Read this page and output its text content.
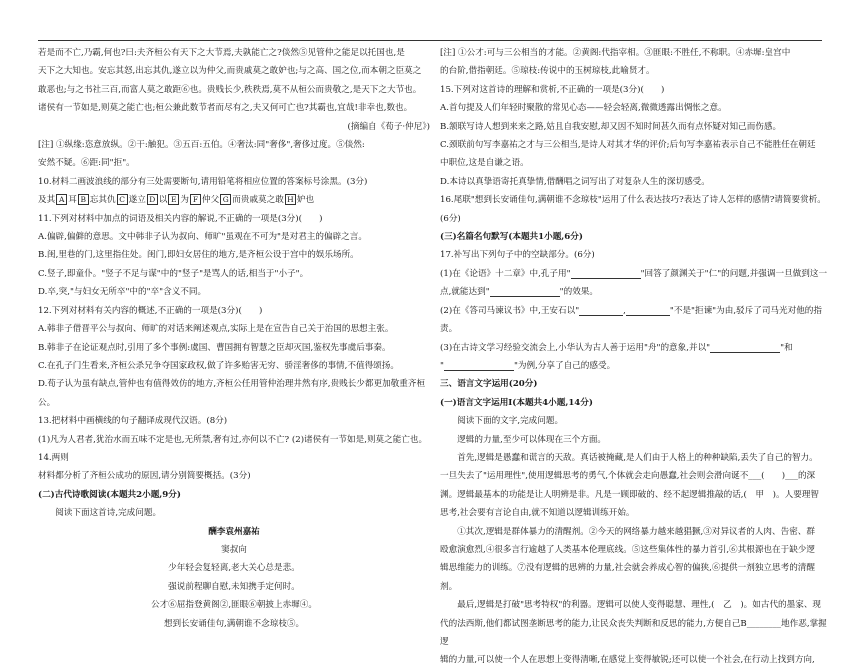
若是而不亡,乃霸,何也?曰:夫齐桓公有天下之大节焉,夫孰能亡之?倓然⑤见管仲之能足以托国也,是

天下之大知也。安忘其怒,出忘其仇,遂立以为仲父,而贵戚莫之敢妒也;与之高、国之位,而本朝之臣莫之

敢恶也;与之书社三百,而富人莫之敢距⑥也。贵贱长少,秩秩焉,莫不从桓公而贵敬之,是天下之大节也。

诸侯有一节如是,则莫之能亡也;桓公兼此数节者而尽有之,夫又何可亡也?其霸也,宜哉!非幸也,数也。

(摘编自《荀子·仲尼》)

[注] ①纵缘:恣意放纵。②干:触犯。③五百:五伯。④奢汰:同"奢侈",奢侈过度。⑤倓然:

安然不疑。⑥距:同"拒"。

10.材料二画波浪线的部分有三处需要断句,请用铅笔将相应位置的答案标号涂黑。(3分)

及其 A 耳 B 忘其仇 C 遂立 D 以 E 为 F 仲父 G 而贵戚莫之敢 H 妒也

11.下列对材料中加点的词语及相关内容的解说,不正确的一项是(3分)(　　)

A.偏辟,偏僻的意思。文中韩非子认为叔向、师旷"虽观在不可为"是对君主的偏辟之言。

B.闺,里巷的门,这里指住处。闺门,即妇女居住的地方,是齐桓公设于宫中的娱乐场所。

C.竖子,即童仆。"竖子不足与谋"中的"竖子"是骂人的话,相当于"小子"。

D.卒,突,"与妇女无所卒"中的"卒"含义不同。

12.下列对材料有关内容的概述,不正确的一项是(3分)(　　)

A.韩非子借晋平公与叔向、师旷的对话来阐述观点,实际上是在宣告自己关于治国的思想主张。

B.韩非子在论证观点时,引用了多个事例:虞国、曹国拥有智慧之臣却灭国,鉴权先事虞后事秦。

C.在孔子门生看来,齐桓公杀兄争夺国家政权,做了许多贻害无穷、骄淫奢侈的事情,不值得颂扬。

D.荀子认为虽有缺点,管仲也有值得效仿的地方,齐桓公任用管仲治理井然有序,贵贱长少都更加敬重齐桓公。

13.把材料中画横线的句子翻译成现代汉语。(8分)

(1)凡为人君者,犹治水而五味不定是也,无所禁,奢有过,亦何以不亡? (2)诸侯有一节如是,则莫之能亡也。14.两则

材料都分析了齐桓公成功的原因,请分别简要概括。(3分)

(二)古代诗歌阅读(本题共2小题,9分)

阅读下面这首诗,完成问题。

酬李袁州嘉祐

窦叔向

少年轻会复轻离,老大关心总是悲。

强说前程聊自慰,未知携手定何时。

公才⑥屈指登黄阁②,匪眼⑥朝披上赤墀④。

想到长安诵佳句,满朝谁不念琼枝⑤。

[注] ①公才:可与三公相当的才能。②黄阁:代指宰相。③匪眼:不胜任,不称职。④赤墀:皇宫中

的台阶,借指朝廷。⑤琼枝:传说中的玉树琼枝,此喻贤才。

15.下列对这首诗的理解和赏析,不正确的一项是(3分)(　　)

A.首句提及人们年轻时聚散的常见心态——轻会轻离,微微透露出惆怅之意。

B.颔联写诗人想到来来之路,姑且自我安慰,却又因不知时间甚久而有点怀疑对知己而伤感。

C.颈联前句写李嘉祐之才与三公相当,是诗人对其才华的评价;后句写李嘉祐表示自己不能胜任在朝廷

中职位,这是自谦之语。

D.本诗以真挚语寄托真挚情,借酬唱之词写出了对复杂人生的深切感受。

16.尾联"想到长安诵佳句,满朝谁不念琼枝"运用了什么表达技巧?表达了诗人怎样的感情?请简要赏析。

(6分)

(三)名篇名句默写(本题共1小题,6分)

17.补写出下列句子中的空缺部分。(6分)

(1)在《论语》十二章》中,孔子用"	"回答了颜渊关于"仁"的问题,并强调一旦做到这一

点,就能达到"	"的效果。

(2)在《答司马谏议书》中,王安石以"	,	"不是"拒谏"为由,驳斥了司马光对他的指责。

(3)在古诗文学习经验交流会上,小华认为古人善于运用"舟"的意象,并以"	"和

"	"为例,分享了自己的感受。

三、语言文字运用(20分)

(一)语言文字运用Ⅰ(本题共4小题,14分)

阅读下面的文字,完成问题。

逻辑的力量,至少可以体现在三个方面。

首先,逻辑是愚蠢和谎言的天敌。真话被掩藏,是人们由于人格上的种种缺陷,丢失了自己的智力。

一旦失去了"运用理性",使用逻辑思考的勇气,个体就会走向愚蠢,社会则会滑向诞不___(　　)___的深

渊。逻辑最基本的功能是让人明辨是非。凡是一顾即破的、经不起逻辑推敲的话,(　甲　)。人要理智

思考,社会要有言论自由,就不知道以逻辑训练开始。

①其次,逻辑是群体暴力的清醒剂。②今天的网络暴力越来越猖獗,③对异议者的人肉、告密、群

殴愈演愈烈,④很多言行逾越了人类基本伦理底线。⑤这些集体性的暴力首引,⑥其根源也在于缺少逻

辑思维能力的训练。⑦没有逻辑的思辨的力量,社会就会养成心智的偏狭,⑥提供一剂独立思考的清醒剂。

最后,逻辑是打破"思考特权"的利器。逻辑可以使人变得聪慧、理性,(　乙　)。如古代的墨家、现

代的法西斯,他们都试图垄断思考的能力,让民众丧失判断和反思的能力,方便自己B________地作恶,掌握逻

辑的力量,可以使一个人在思想上变得清晰,在感觉上变得敏锐;还可以使一个社会,在行动上找到方向,
